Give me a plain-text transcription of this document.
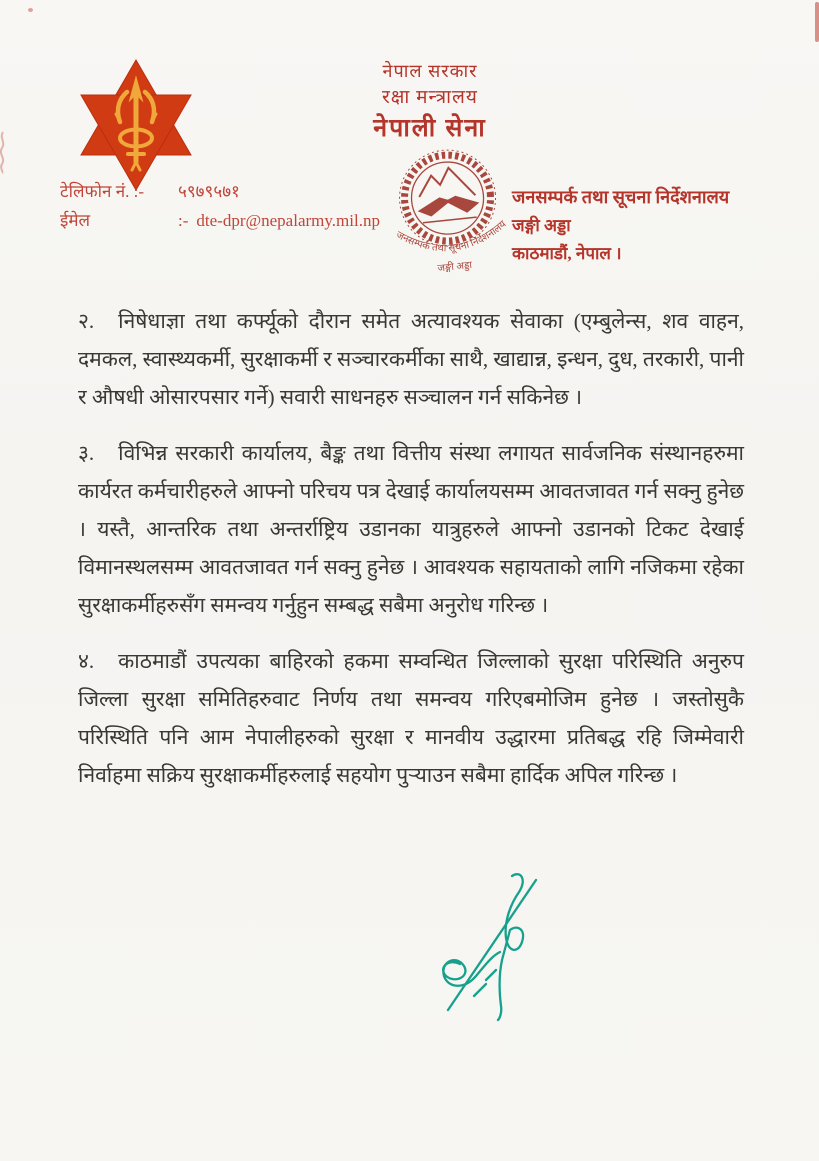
नेपाल सरकार
रक्षा मन्त्रालय
नेपाली सेना
टेलिफोन नं. :-	५९७९५७१
ईमेल	:- dte-dpr@nepalarmy.mil.np
जनसम्पर्क तथा सूचना निर्देशनालय
जङ्गी अड्डा
जनसम्पर्क तथा सूचना निर्देशनालय
जङ्गी अड्डा
काठमाडौं, नेपाल ।

२. निषेधाज्ञा तथा कर्फ्यूको दौरान समेत अत्यावश्यक सेवाका (एम्बुलेन्स, शव वाहन, दमकल, स्वास्थ्यकर्मी, सुरक्षाकर्मी र सञ्चारकर्मीका साथै, खाद्यान्न, इन्धन, दुध, तरकारी, पानी र औषधी ओसारपसार गर्ने) सवारी साधनहरु सञ्चालन गर्न सकिनेछ ।

३. विभिन्न सरकारी कार्यालय, बैङ्क तथा वित्तीय संस्था लगायत सार्वजनिक संस्थानहरुमा कार्यरत कर्मचारीहरुले आफ्नो परिचय पत्र देखाई कार्यालयसम्म आवतजावत गर्न सक्नु हुनेछ । यस्तै, आन्तरिक तथा अन्तर्राष्ट्रिय उडानका यात्रुहरुले आफ्नो उडानको टिकट देखाई विमानस्थलसम्म आवतजावत गर्न सक्नु हुनेछ । आवश्यक सहायताको लागि नजिकमा रहेका सुरक्षाकर्मीहरुसँग समन्वय गर्नुहुन सम्बद्ध सबैमा अनुरोध गरिन्छ ।

४. काठमाडौं उपत्यका बाहिरको हकमा सम्वन्धित जिल्लाको सुरक्षा परिस्थिति अनुरुप जिल्ला सुरक्षा समितिहरुवाट निर्णय तथा समन्वय गरिएबमोजिम हुनेछ । जस्तोसुकै परिस्थिति पनि आम नेपालीहरुको सुरक्षा र मानवीय उद्धारमा प्रतिबद्ध रहि जिम्मेवारी निर्वाहमा सक्रिय सुरक्षाकर्मीहरुलाई सहयोग पुऱ्याउन सबैमा हार्दिक अपिल गरिन्छ ।
